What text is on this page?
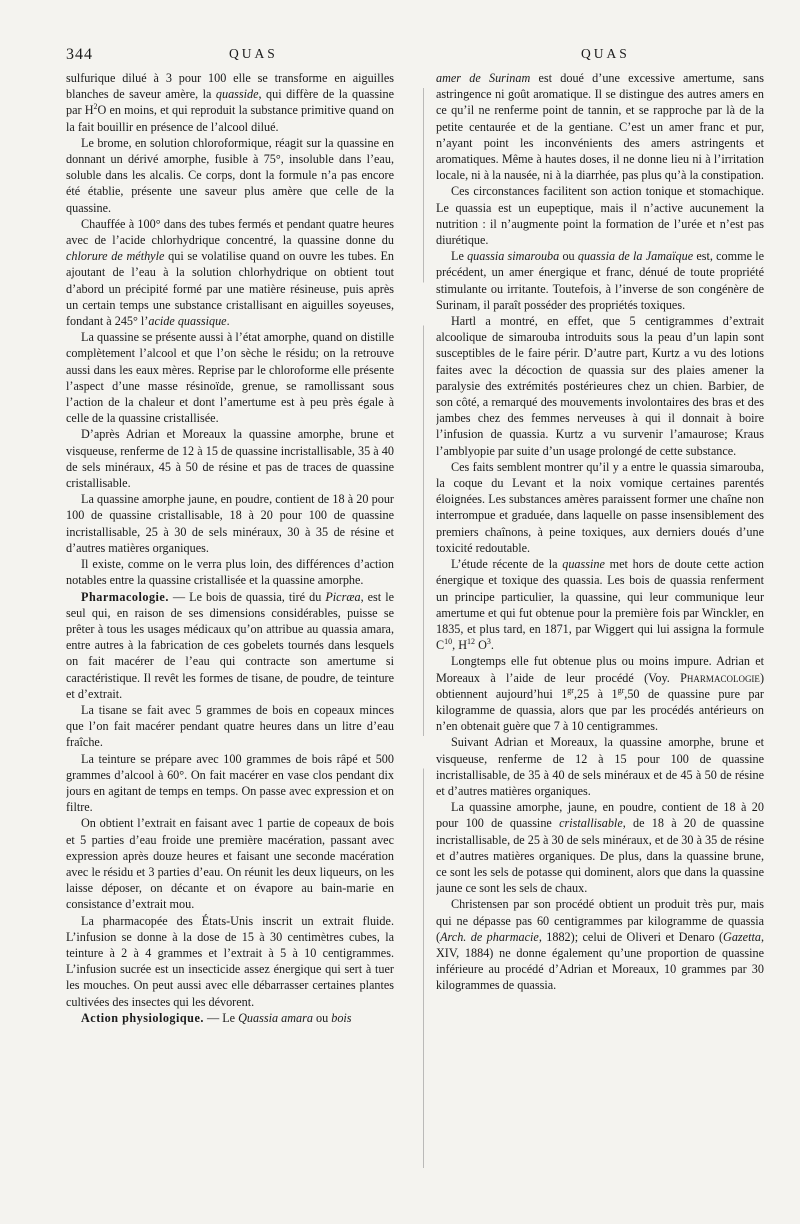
344	QUAS	QUAS

sulfurique dilué à 3 pour 100 elle se transforme en aiguilles blanches de saveur amère, la quasside, qui diffère de la quassine par $H^2O$ en moins, et qui reproduit la substance primitive quand on la fait bouillir en présence de l’alcool dilué.

Le brome, en solution chloroformique, réagit sur la quassine en donnant un dérivé amorphe, fusible à 75°, insoluble dans l’eau, soluble dans les alcalis. Ce corps, dont la formule n’a pas encore été établie, présente une saveur plus amère que celle de la quassine.

Chauffée à 100° dans des tubes fermés et pendant quatre heures avec de l’acide chlorhydrique concentré, la quassine donne du chlorure de méthyle qui se volatilise quand on ouvre les tubes. En ajoutant de l’eau à la solution chlorhydrique on obtient tout d’abord un précipité formé par une matière résineuse, puis après un certain temps une substance cristallisant en aiguilles soyeuses, fondant à 245° l’acide quassique.

La quassine se présente aussi à l’état amorphe, quand on distille complètement l’alcool et que l’on sèche le résidu; on la retrouve aussi dans les eaux mères. Reprise par le chloroforme elle présente l’aspect d’une masse résinoïde, grenue, se ramollissant sous l’action de la chaleur et dont l’amertume est à peu près égale à celle de la quassine cristallisée.

D’après Adrian et Moreaux la quassine amorphe, brune et visqueuse, renferme de 12 à 15 de quassine incristallisable, 35 à 40 de sels minéraux, 45 à 50 de résine et pas de traces de quassine cristallisable.

La quassine amorphe jaune, en poudre, contient de 18 à 20 pour 100 de quassine cristallisable, 18 à 20 pour 100 de quassine incristallisable, 25 à 30 de sels minéraux, 30 à 35 de résine et d’autres matières organiques.

Il existe, comme on le verra plus loin, des différences d’action notables entre la quassine cristallisée et la quassine amorphe.

Pharmacologie. — Le bois de quassia, tiré du Picræa, est le seul qui, en raison de ses dimensions considérables, puisse se prêter à tous les usages médicaux qu’on attribue au quassia amara, entre autres à la fabrication de ces gobelets tournés dans lesquels on fait macérer de l’eau qui contracte son amertume si caractéristique. Il revêt les formes de tisane, de poudre, de teinture et d’extrait.

La tisane se fait avec 5 grammes de bois en copeaux minces que l’on fait macérer pendant quatre heures dans un litre d’eau fraîche.

La teinture se prépare avec 100 grammes de bois râpé et 500 grammes d’alcool à 60°. On fait macérer en vase clos pendant dix jours en agitant de temps en temps. On passe avec expression et on filtre.

On obtient l’extrait en faisant avec 1 partie de copeaux de bois et 5 parties d’eau froide une première macération, passant avec expression après douze heures et faisant une seconde macération avec le résidu et 3 parties d’eau. On réunit les deux liqueurs, on les laisse déposer, on décante et on évapore au bain-marie en consistance d’extrait mou.

La pharmacopée des États-Unis inscrit un extrait fluide. L’infusion se donne à la dose de 15 à 30 centimètres cubes, la teinture à 2 à 4 grammes et l’extrait à 5 à 10 centigrammes. L’infusion sucrée est un insecticide assez énergique qui sert à tuer les mouches. On peut aussi avec elle débarrasser certaines plantes cultivées des insectes qui les dévorent.

Action physiologique. — Le Quassia amara ou bois

amer de Surinam est doué d’une excessive amertume, sans astringence ni goût aromatique. Il se distingue des autres amers en ce qu’il ne renferme point de tannin, et se rapproche par là de la petite centaurée et de la gentiane. C’est un amer franc et pur, n’ayant point les inconvénients des amers astringents et aromatiques. Même à hautes doses, il ne donne lieu ni à l’irritation locale, ni à la nausée, ni à la diarrhée, pas plus qu’à la constipation.

Ces circonstances facilitent son action tonique et stomachique. Le quassia est un eupeptique, mais il n’active aucunement la nutrition : il n’augmente point la formation de l’urée et n’est pas diurétique.

Le quassia simarouba ou quassia de la Jamaïque est, comme le précédent, un amer énergique et franc, dénué de toute propriété stimulante ou irritante. Toutefois, à l’inverse de son congénère de Surinam, il paraît posséder des propriétés toxiques.

Hartl a montré, en effet, que 5 centigrammes d’extrait alcoolique de simarouba introduits sous la peau d’un lapin sont susceptibles de le faire périr. D’autre part, Kurtz a vu des lotions faites avec la décoction de quassia sur des plaies amener la paralysie des extrémités postérieures chez un chien. Barbier, de son côté, a remarqué des mouvements involontaires des bras et des jambes chez des femmes nerveuses à qui il donnait à boire l’infusion de quassia. Kurtz a vu survenir l’amaurose; Kraus l’amblyopie par suite d’un usage prolongé de cette substance.

Ces faits semblent montrer qu’il y a entre le quassia simarouba, la coque du Levant et la noix vomique certaines parentés éloignées. Les substances amères paraissent former une chaîne non interrompue et graduée, dans laquelle on passe insensiblement des premiers chaînons, à peine toxiques, aux derniers doués d’une toxicité redoutable.

L’étude récente de la quassine met hors de doute cette action énergique et toxique des quassia. Les bois de quassia renferment un principe particulier, la quassine, qui leur communique leur amertume et qui fut obtenue pour la première fois par Winckler, en 1835, et plus tard, en 1871, par Wiggert qui lui assigna la formule $C^{10}$, $H^{12}$ $O^3$.

Longtemps elle fut obtenue plus ou moins impure. Adrian et Moreaux à l’aide de leur procédé (Voy. Pharmacologie) obtiennent aujourd’hui $1^{gr},25$ à $1^{gr},50$ de quassine pure par kilogramme de quassia, alors que par les procédés antérieurs on n’en obtenait guère que 7 à 10 centigrammes.

Suivant Adrian et Moreaux, la quassine amorphe, brune et visqueuse, renferme de 12 à 15 pour 100 de quassine incristallisable, de 35 à 40 de sels minéraux et de 45 à 50 de résine et d’autres matières organiques.

La quassine amorphe, jaune, en poudre, contient de 18 à 20 pour 100 de quassine cristallisable, de 18 à 20 de quassine incristallisable, de 25 à 30 de sels minéraux, et de 30 à 35 de résine et d’autres matières organiques. De plus, dans la quassine brune, ce sont les sels de potasse qui dominent, alors que dans la quassine jaune ce sont les sels de chaux.

Christensen par son procédé obtient un produit très pur, mais qui ne dépasse pas 60 centigrammes par kilogramme de quassia (Arch. de pharmacie, 1882); celui de Oliveri et Denaro (Gazetta, XIV, 1884) ne donne également qu’une proportion de quassine inférieure au procédé d’Adrian et Moreaux, 10 grammes par 30 kilogrammes de quassia.
